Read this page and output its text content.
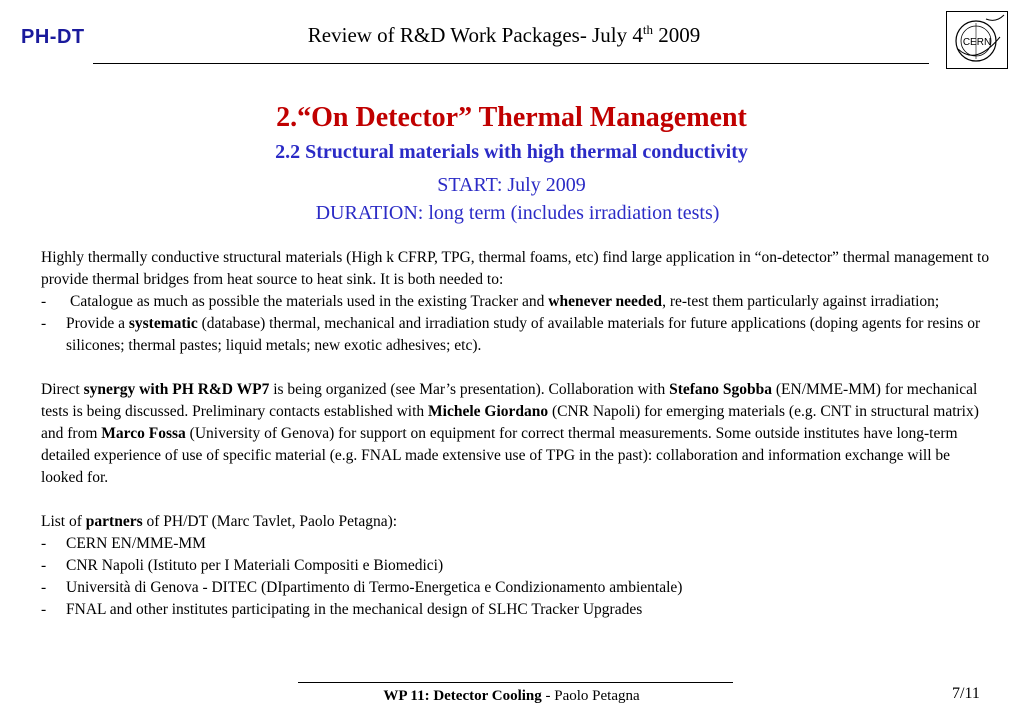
PH-DT	Review of R&D Work Packages- July 4th 2009	CERN
2.“On Detector” Thermal Management
2.2 Structural materials with high thermal conductivity
START: July 2009
DURATION: long term (includes irradiation tests)

Highly thermally conductive structural materials (High k CFRP, TPG, thermal foams, etc) find large application in “on-detector” thermal management to provide thermal bridges from heat source to heat sink. It is both needed to:

-	Catalogue as much as possible the materials used in the existing Tracker and whenever needed, re-test them particularly against irradiation;
-	Provide a systematic (database) thermal, mechanical and irradiation study of available materials for future applications (doping agents for resins or silicones; thermal pastes; liquid metals; new exotic adhesives; etc).

Direct synergy with PH R&D WP7 is being organized (see Mar’s presentation). Collaboration with Stefano Sgobba (EN/MME-MM) for mechanical tests is being discussed. Preliminary contacts established with Michele Giordano (CNR Napoli) for emerging materials (e.g. CNT in structural matrix) and from Marco Fossa (University of Genova) for support on equipment for correct thermal measurements. Some outside institutes have long-term detailed experience of use of specific material (e.g. FNAL made extensive use of TPG in the past): collaboration and information exchange will be looked for.

List of partners of PH/DT (Marc Tavlet, Paolo Petagna):

-	CERN EN/MME-MM
-	CNR Napoli (Istituto per I Materiali Compositi e Biomedici)
-	Università di Genova - DITEC (DIpartimento di Termo-Energetica e Condizionamento ambientale)
-	FNAL and other institutes participating in the mechanical design of SLHC Tracker Upgrades
WP 11: Detector Cooling - Paolo Petagna	7/11
